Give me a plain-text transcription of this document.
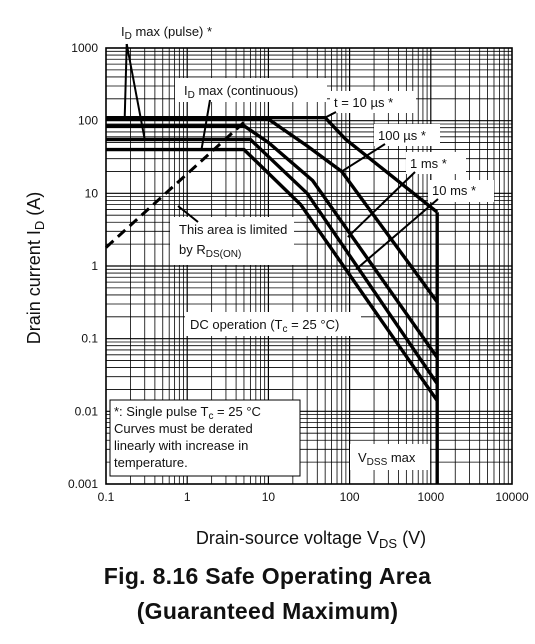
0.1	1	10	100	1000	10000
0.001
0.01
0.1
1
10
100
1000
Drain-source voltage $V_{DS}$ (V)
Drain current $I_D$ (A)
$I_D$ max (pulse) *
$I_D$ max (continuous)
t = 10 µs *
100 µs *
1 ms *
10 ms *
This area is limited
by $R_{DS(ON)}$
DC operation ($T_c = 25$ °C)
*: Single pulse $T_c = 25$ °C
Curves must be derated
linearly with increase in
temperature.	$V_{DSS}$ max
Fig. 8.16 Safe Operating Area
(Guaranteed Maximum)
